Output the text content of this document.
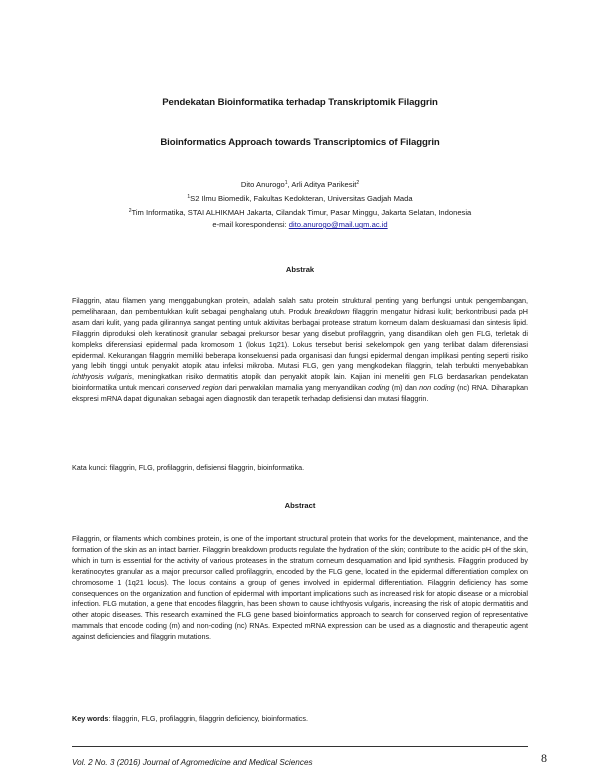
Pendekatan Bioinformatika terhadap Transkriptomik Filaggrin
Bioinformatics Approach towards Transcriptomics of Filaggrin
Dito Anurogo$^1$, Arli Aditya Parikesit$^2$
$^1$S2 Ilmu Biomedik, Fakultas Kedokteran, Universitas Gadjah Mada
$^2$Tim Informatika, STAI ALHIKMAH Jakarta, Cilandak Timur, Pasar Minggu, Jakarta Selatan, Indonesia
e-mail korespondensi: dito.anurogo@mail.ugm.ac.id
Abstrak
Filaggrin, atau filamen yang menggabungkan protein, adalah salah satu protein struktural penting yang berfungsi untuk pengembangan, pemeliharaan, dan pembentukkan kulit sebagai penghalang utuh. Produk breakdown filaggrin mengatur hidrasi kulit; berkontribusi pada pH asam dari kulit, yang pada gilirannya sangat penting untuk aktivitas berbagai protease stratum korneum dalam deskuamasi dan sintesis lipid. Filaggrin diproduksi oleh keratinosit granular sebagai prekursor besar yang disebut profilaggrin, yang disandikan oleh gen FLG, terletak di kompleks diferensiasi epidermal pada kromosom 1 (lokus 1q21). Lokus tersebut berisi sekelompok gen yang terlibat dalam diferensiasi epidermal. Kekurangan filaggrin memiliki beberapa konsekuensi pada organisasi dan fungsi epidermal dengan implikasi penting seperti risiko yang lebih tinggi untuk penyakit atopik atau infeksi mikroba. Mutasi FLG, gen yang mengkodekan filaggrin, telah terbukti menyebabkan ichthyosis vulgaris, meningkatkan risiko dermatitis atopik dan penyakit atopik lain. Kajian ini meneliti gen FLG berdasarkan pendekatan bioinformatika untuk mencari conserved region dari perwakilan mamalia yang menyandikan coding (m) dan non coding (nc) RNA. Diharapkan ekspresi mRNA dapat digunakan sebagai agen diagnostik dan terapetik terhadap defisiensi dan mutasi filaggrin.
Kata kunci: filaggrin, FLG, profilaggrin, defisiensi filaggrin, bioinformatika.
Abstract
Filaggrin, or filaments which combines protein, is one of the important structural protein that works for the development, maintenance, and the formation of the skin as an intact barrier. Filaggrin breakdown products regulate the hydration of the skin; contribute to the acidic pH of the skin, which in turn is essential for the activity of various proteases in the stratum corneum desquamation and lipid synthesis. Filaggrin produced by keratinocytes granular as a major precursor called profilaggrin, encoded by the FLG gene, located in the epidermal differentiation complex on chromosome 1 (1q21 locus). The locus contains a group of genes involved in epidermal differentiation. Filaggrin deficiency has some consequences on the organization and function of epidermal with important implications such as increased risk for atopic disease or a microbial infection. FLG mutation, a gene that encodes filaggrin, has been shown to cause ichthyosis vulgaris, increasing the risk of atopic dermatitis and other atopic diseases. This research examined the FLG gene based bioinformatics approach to search for conserved region of representative mammals that encode coding (m) and non-coding (nc) RNAs. Expected mRNA expression can be used as a diagnostic and therapeutic agent against deficiencies and filaggrin mutations.
Key words: filaggrin, FLG, profilaggrin, filaggrin deficiency, bioinformatics.
Vol. 2 No. 3 (2016) Journal of Agromedicine and Medical Sciences	8
